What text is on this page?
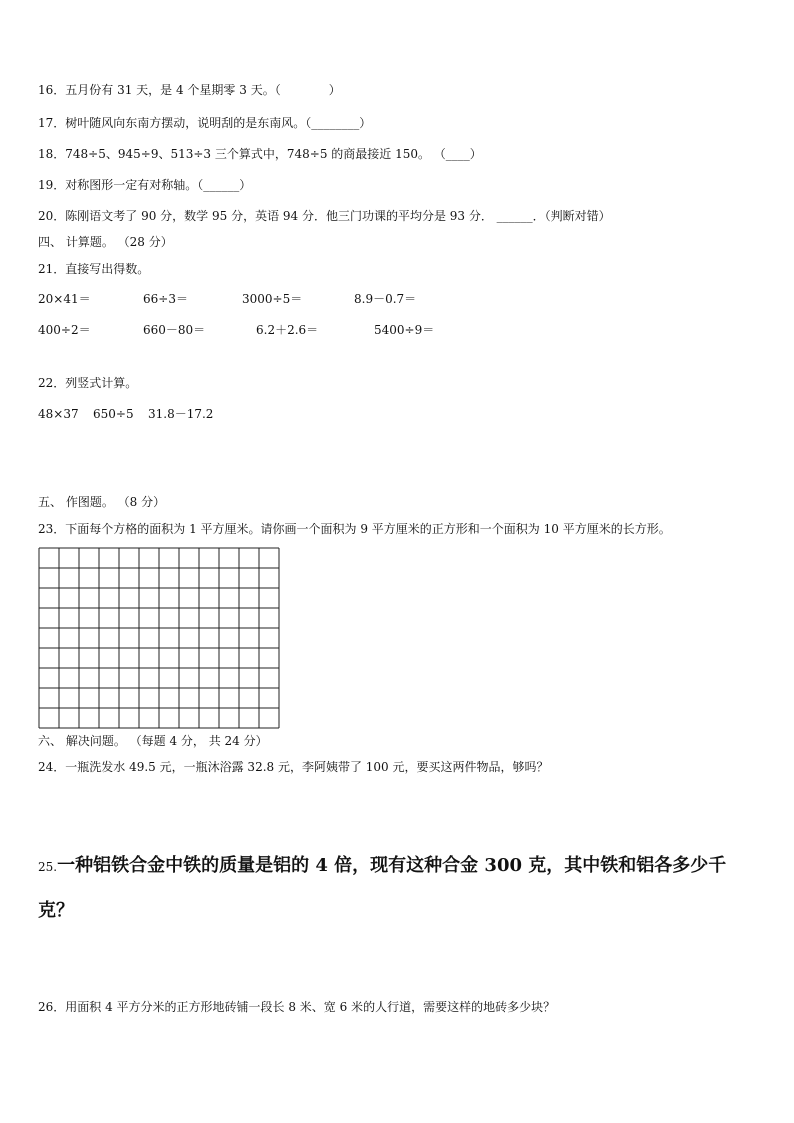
16．五月份有 31 天，是 4 个星期零 3 天。（　　　　）
17．树叶随风向东南方摆动，说明刮的是东南风。（________）
18．748÷5、945÷9、513÷3 三个算式中，748÷5 的商最接近 150。 （____）
19．对称图形一定有对称轴。（______）
20．陈刚语文考了 90 分，数学 95 分，英语 94 分．他三门功课的平均分是 93 分． ______．（判断对错）
四、 计算题。 （28 分）
21．直接写出得数。
20×41＝	66÷3＝	3000÷5＝	8.9－0.7＝
400÷2＝	660－80＝	6.2＋2.6＝	5400÷9＝
22．列竖式计算。
48×37 650÷5 31.8－17.2
五、 作图题。 （8 分）
23．下面每个方格的面积为 1 平方厘米。请你画一个面积为 9 平方厘米的正方形和一个面积为 10 平方厘米的长方形。
六、 解决问题。 （每题 4 分， 共 24 分）
24．一瓶洗发水 49.5 元，一瓶沐浴露 32.8 元，李阿姨带了 100 元，要买这两件物品，够吗？
25.一种铝铁合金中铁的质量是铝的 4 倍，现有这种合金 300 克，其中铁和铝各多少千
克？
26．用面积 4 平方分米的正方形地砖铺一段长 8 米、宽 6 米的人行道，需要这样的地砖多少块？
